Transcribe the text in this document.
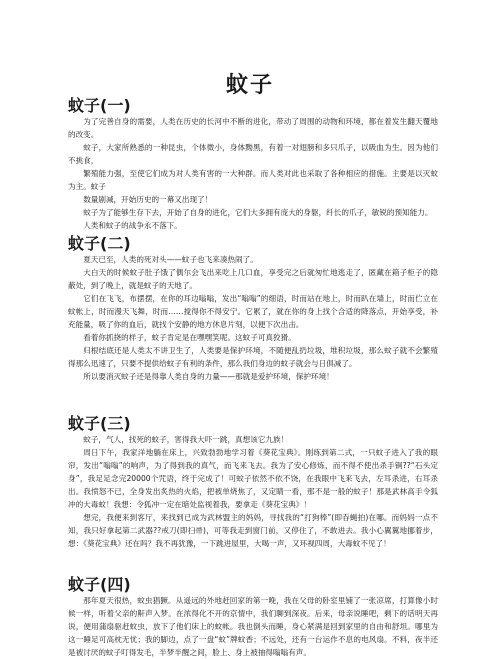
蚊子
蚊子(一)

为了完善自身的需要，人类在历史的长河中不断的进化，带动了周围的动物和环境，都在着发生翻天覆地的改变。

蚊子，大家所熟悉的一种昆虫，个体微小，身体黝黑，有着一对翅膀和多只爪子，以吸血为生。因为他们不挑食，

繁殖能力强，至使它们成为对人类有害的一大种群。而人类对此也采取了各种相应的措施。主要是以灭蚊为主。蚊子

数量剧减，开始历史的一幕又出现了！

蚊子为了能够生存下去，开始了自身的进化，它们大多拥有庞大的身躯，纤长的爪子，敏锐的预知能力。

人类和蚊子的战争永不落下。

蚊子(二)

夏天已至，人类的死对头——蚊子也飞来凑热闹了。

大白天的时候蚊子肚子饿了偶尔会飞出来吃上几口血，享受完之后就匆忙地逃走了，匿藏在箱子柜子的隐蔽处，到了晚上，就是蚊子的天地了。

它们在飞飞，布摆摆，在你的耳边嗡嗡，发出“嗡嗡”的细语，时而站在地上，时而趴在墙上，时而伫立在蚊帐上，时而漫天飞舞，时而……搅得你不得安宁。它累了，就在你的身上找个合适的降落点，开始享受，补充能量，吸了你的血后，就找个安静的地方休息片刻，以便下次出击。

看着你抓挠的样子，蚊子肯定是在嘿嘿笑呢。这蚊子可真狡猾。

归根结底还是人类太不讲卫生了，人类要是保护环境，不随便乱扔垃圾，堆积垃圾，那么蚊子就不会繁殖得那么迅速了，只要不提供给蚊子有利的条件，那么我们身边的蚊子就会与日俱减了。

所以要消灭蚊子还是得靠人类自身的力量——那就是爱护环境，保护环境！

蚊子(三)

蚊子，气人，找死的蚊子，害得我大吓一跳，真想该它九族！

周日下午，我家洋地躺在床上，兴致勃勃地学习着《葵花宝典》。刚练到第二式，一只蚊子进入了我的眼帘，发出“嗡嗡”的响声，为了得到我的真气，而飞来飞去。我为了安心修炼，而不得不使出杀手锏??“石头定身”，我足足念完20000个咒语，终于完成了！可蚊子依然不依不饶，在我眼中飞来飞去，左耳杀进，右耳杀出。我愤怒不已，全身发出炙热的火焰，把被单烧焦了，又定睛一看，那不是一般的蚊子！那是武林高手令狐冲的大毒蚊！我想：令狐冲一定在暗处监视着我，要拿走《葵花宝典》！

想完，我便来到客厅，来找到已成为武林盟主的妈妈，寻找我的“打狗棒”(即吞蝇拍)在哪。而妈妈一点不知，我只好拿起第二武器??戒刀(即扫帚)，可等我走到窗门前，又停住了，不敢进去。我小心翼翼地挪着步，想：《葵花宝典》还在吗？我不再犹豫，一下跳进屋里，大喝一声，又环视四周，大毒蚊不见了！

蚊子(四)

那年夏天很热，蚊虫猖獗。从遥远的外地赶回家的第一晚，我在父母的卧室里铺了一张凉席，打算像小时候一样，听着父亲的鼾声入梦。在浓得化不开的京情中，我们聊到深夜。后来，母亲说睡吧，剩下的话明天再说，便用蒲扇驱赶蚊虫，放下了他们床上的蚊帐。我也倒头而睡，身心紧满是回到家里的自由和舒坦。哪里为这一睡足可高枕无忧；我的脚边，点了一盘“蚊”牌蚊香；不远处，还有一台运作不息的电风扇。不料，夜半还是被讨厌的蚊子叮得发毛，半梦半醒之间，脸上、身上被抽得嗡嗡有声。
